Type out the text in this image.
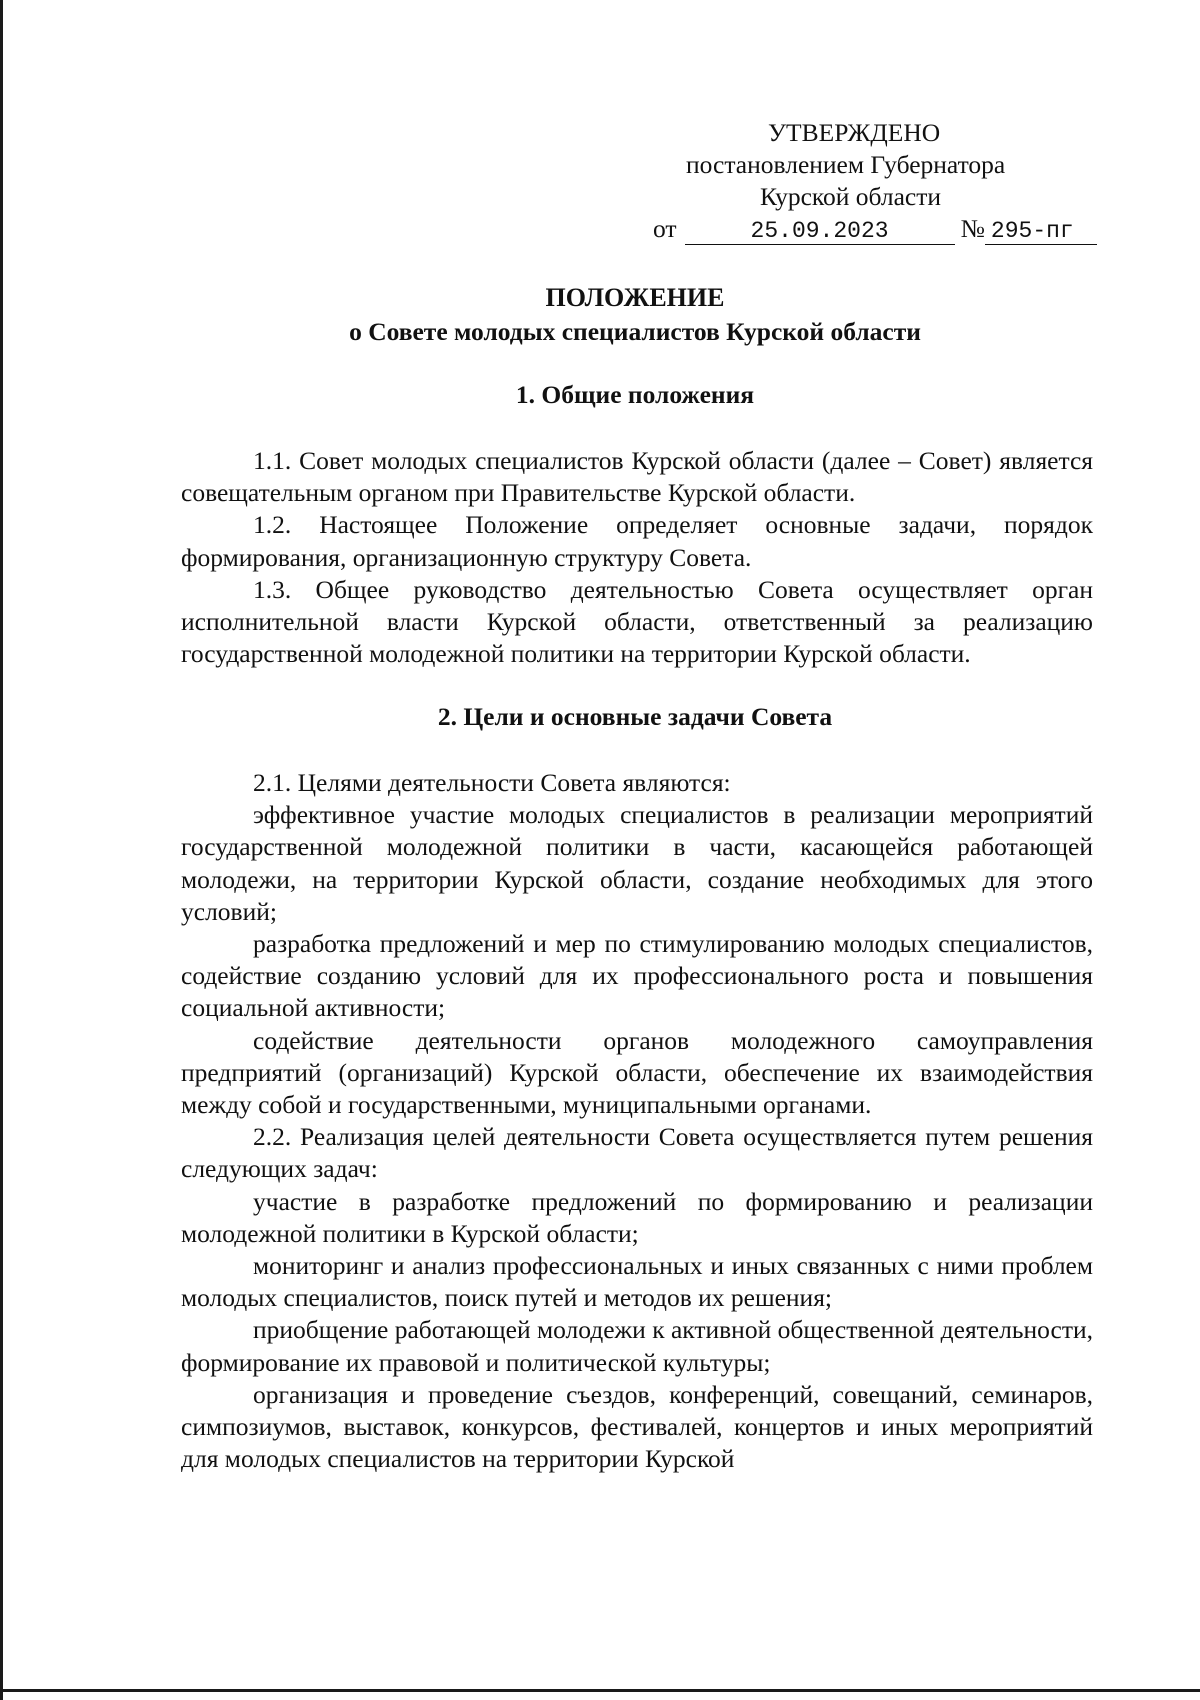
УТВЕРЖДЕНО
постановлением Губернатора
Курской области
от	25.09.2023	№ 295-пг
ПОЛОЖЕНИЕ
о Совете молодых специалистов Курской области
1. Общие положения

1.1. Совет молодых специалистов Курской области (далее – Совет) является совещательным органом при Правительстве Курской области.

1.2. Настоящее Положение определяет основные задачи, порядок формирования, организационную структуру Совета.

1.3. Общее руководство деятельностью Совета осуществляет орган исполнительной власти Курской области, ответственный за реализацию государственной молодежной политики на территории Курской области.

2. Цели и основные задачи Совета

2.1. Целями деятельности Совета являются:

эффективное участие молодых специалистов в реализации мероприятий государственной молодежной политики в части, касающейся работающей молодежи, на территории Курской области, создание необходимых для этого условий;

разработка предложений и мер по стимулированию молодых специалистов, содействие созданию условий для их профессионального роста и повышения социальной активности;

содействие деятельности органов молодежного самоуправления предприятий (организаций) Курской области, обеспечение их взаимодействия между собой и государственными, муниципальными органами.

2.2. Реализация целей деятельности Совета осуществляется путем решения следующих задач:

участие в разработке предложений по формированию и реализации молодежной политики в Курской области;

мониторинг и анализ профессиональных и иных связанных с ними проблем молодых специалистов, поиск путей и методов их решения;

приобщение работающей молодежи к активной общественной деятельности, формирование их правовой и политической культуры;

организация и проведение съездов, конференций, совещаний, семинаров, симпозиумов, выставок, конкурсов, фестивалей, концертов и иных мероприятий для молодых специалистов на территории Курской
